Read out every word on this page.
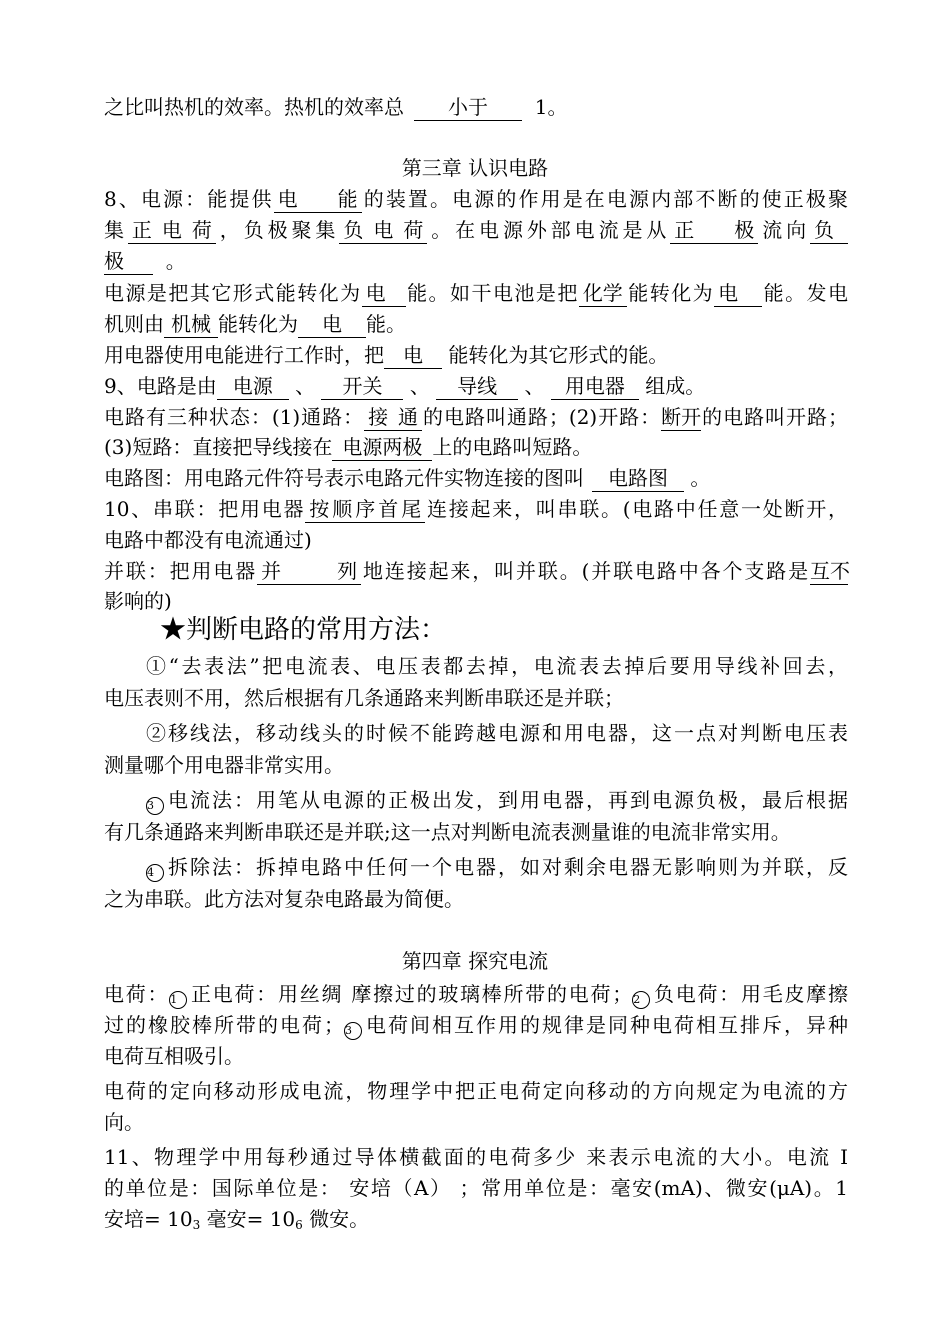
之比叫热机的效率。热机的效率总 小于 1。
第三章 认识电路
8、电源：能提供 电能 的装置。电源的作用是在电源内部不断的使正极聚
集 正电荷 ，负极聚集 负电荷 。在电源外部电流是从 正极 流向 负
极 。
电源是把其它形式能转化为 电 能。如干电池是把 化学 能转化为 电 能。发电
机则由 机械 能转化为 电 能。
用电器使用电能进行工作时，把 电 能转化为其它形式的能。
9、电路是由 电源 、 开关 、 导线 、 用电器 组成。
电路有三种状态：(1)通路： 接通 的电路叫通路；(2)开路：断开的电路叫开路；
(3)短路：直接把导线接在 电源两极 上的电路叫短路。
电路图：用电路元件符号表示电路元件实物连接的图叫 电路图 。
10、串联：把用电器 按顺序首尾 连接起来，叫串联。(电路中任意一处断开，
电路中都没有电流通过)
并联：把用电器 并列 地连接起来，叫并联。(并联电路中各个支路是互不
影响的)
★判断电路的常用方法：
①“去表法”把电流表、电压表都去掉，电流表去掉后要用导线补回去，
电压表则不用，然后根据有几条通路来判断串联还是并联；
②移线法，移动线头的时候不能跨越电源和用电器，这一点对判断电压表
测量哪个用电器非常实用。
3 电流法：用笔从电源的正极出发，到用电器，再到电源负极，最后根据
有几条通路来判断串联还是并联;这一点对判断电流表测量谁的电流非常实用。
4 拆除法：拆掉电路中任何一个电器，如对剩余电器无影响则为并联，反
之为串联。此方法对复杂电路最为简便。
第四章 探究电流
电荷：1 正电荷：用丝绸 摩擦过的玻璃棒所带的电荷；2 负电荷：用毛皮摩擦
过的橡胶棒所带的电荷；3 电荷间相互作用的规律是同种电荷相互排斥，异种
电荷互相吸引。
电荷的定向移动形成电流，物理学中把正电荷定向移动的方向规定为电流的方
向。
11、物理学中用每秒通过导体横截面的电荷多少 来表示电流的大小。电流 I
的单位是：国际单位是： 安培（A） ；常用单位是：毫安(mA)、微安(μA)。1
安培= $10_3$ 毫安= $10_6$ 微安。
